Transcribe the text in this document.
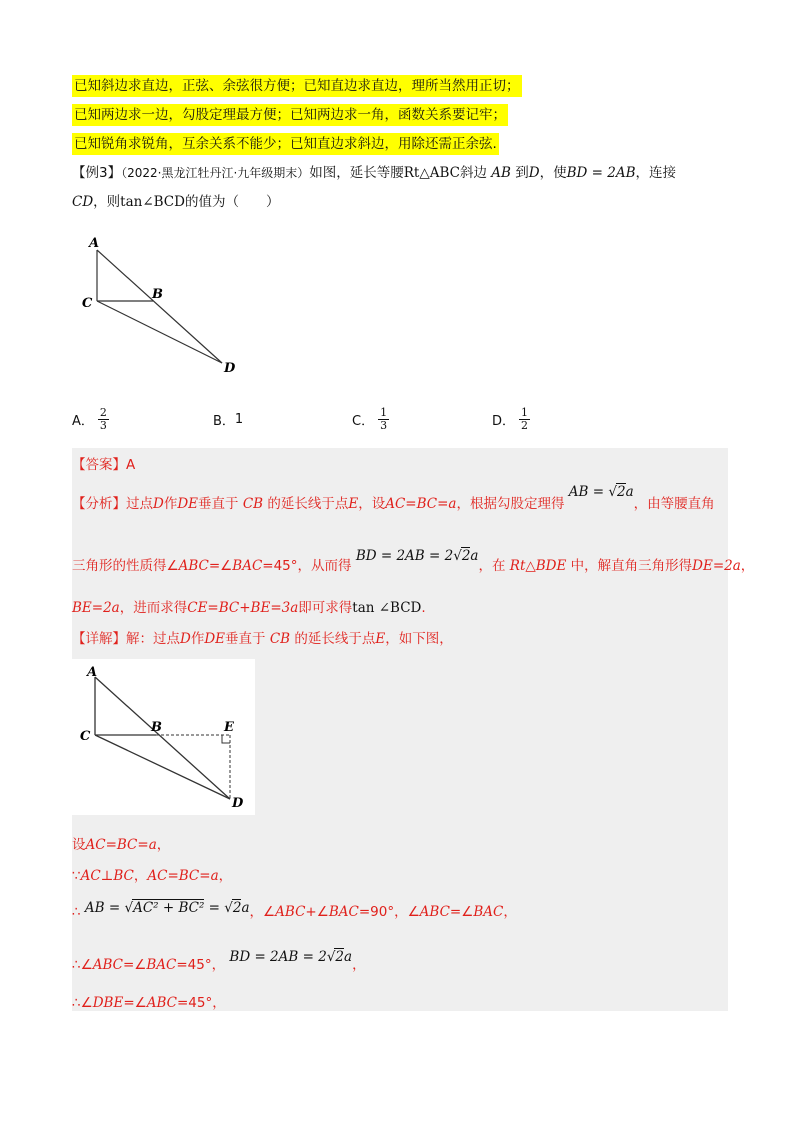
已知斜边求直边，正弦、余弦很方便；已知直边求直边，理所当然用正切；
已知两边求一边，勾股定理最方便；已知两边求一角，函数关系要记牢；
已知锐角求锐角，互余关系不能少；已知直边求斜边，用除还需正余弦.
【例3】（2022·黑龙江牡丹江·九年级期末）如图，延长等腰Rt△ABC斜边 AB 到D，使BD = 2AB，连接
CD，则tan∠BCD的值为（　　）
A
B
C
D
A． $\frac{2}{3}$	B． 1	C． $\frac{1}{3}$	D． $\frac{1}{2}$
【答案】A
【分析】过点D作DE垂直于 CB 的延长线于点E，设AC=BC=a，根据勾股定理得 AB = √2a，由等腰直角
三角形的性质得∠ABC=∠BAC=45°，从而得 BD = 2AB = 2√2a，在 Rt△BDE 中，解直角三角形得DE=2a，
BE=2a，进而求得CE=BC+BE=3a即可求得tan ∠BCD.
【详解】解：过点D作DE垂直于 CB 的延长线于点E，如下图，
A
B
C
D
E
设AC=BC=a，
∵AC⊥BC，AC=BC=a，
∴ AB = √AC² + BC² = √2a，∠ABC+∠BAC=90°，∠ABC=∠BAC，
∴∠ABC=∠BAC=45°， BD = 2AB = 2√2a，
∴∠DBE=∠ABC=45°，
